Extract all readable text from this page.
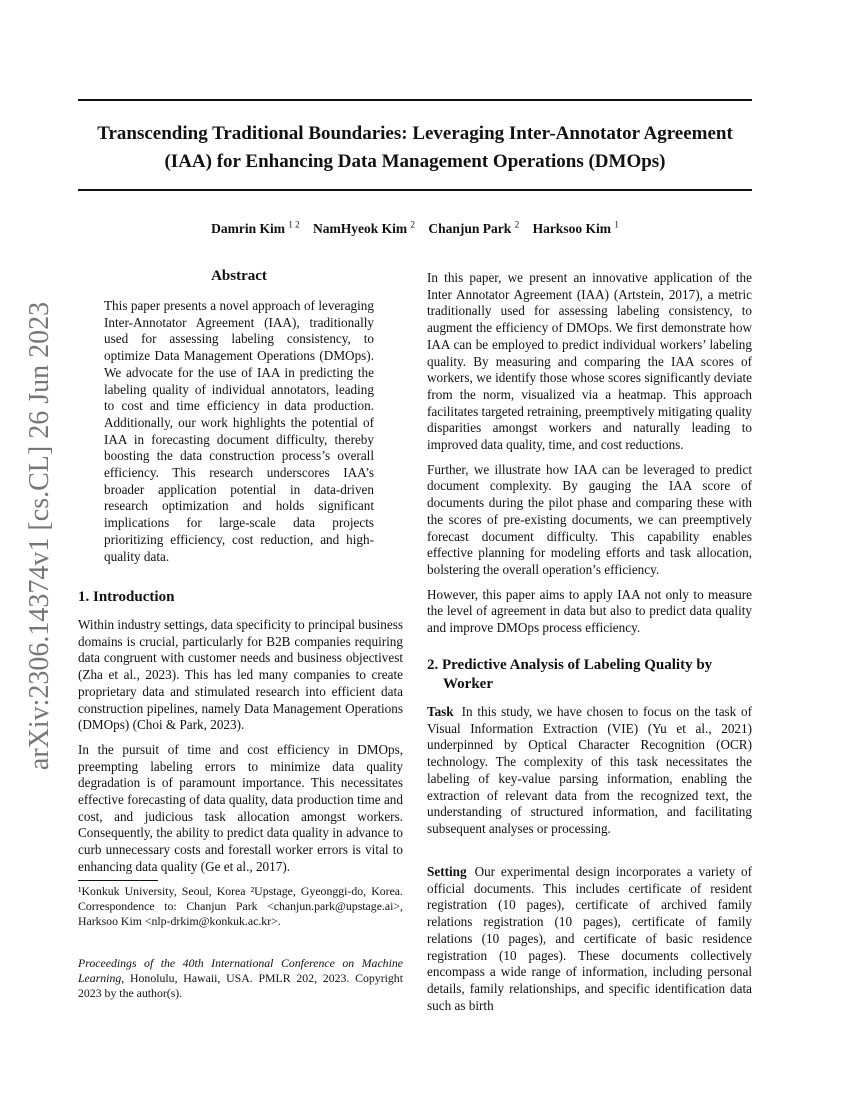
arXiv:2306.14374v1 [cs.CL] 26 Jun 2023
Transcending Traditional Boundaries: Leveraging Inter-Annotator Agreement (IAA) for Enhancing Data Management Operations (DMOps)
Damrin Kim $^{1 2}$ NamHyeok Kim $^2$ Chanjun Park $^2$ Harksoo Kim $^1$
Abstract

This paper presents a novel approach of leveraging Inter-Annotator Agreement (IAA), traditionally used for assessing labeling consistency, to optimize Data Management Operations (DMOps). We advocate for the use of IAA in predicting the labeling quality of individual annotators, leading to cost and time efficiency in data production. Additionally, our work highlights the potential of IAA in forecasting document difficulty, thereby boosting the data construction process’s overall efficiency. This research underscores IAA’s broader application potential in data-driven research optimization and holds significant implications for large-scale data projects prioritizing efficiency, cost reduction, and high-quality data.

1. Introduction

Within industry settings, data specificity to principal business domains is crucial, particularly for B2B companies requiring data congruent with customer needs and business objectivest (Zha et al., 2023). This has led many companies to create proprietary data and stimulated research into efficient data construction pipelines, namely Data Management Operations (DMOps) (Choi & Park, 2023).

In the pursuit of time and cost efficiency in DMOps, preempting labeling errors to minimize data quality degradation is of paramount importance. This necessitates effective forecasting of data quality, data production time and cost, and judicious task allocation amongst workers. Consequently, the ability to predict data quality in advance to curb unnecessary costs and forestall worker errors is vital to enhancing data quality (Ge et al., 2017).

¹Konkuk University, Seoul, Korea ²Upstage, Gyeonggi-do, Korea. Correspondence to: Chanjun Park <chanjun.park@upstage.ai>, Harksoo Kim <nlp-drkim@konkuk.ac.kr>.
Proceedings of the 40th International Conference on Machine Learning, Honolulu, Hawaii, USA. PMLR 202, 2023. Copyright 2023 by the author(s).

In this paper, we present an innovative application of the Inter Annotator Agreement (IAA) (Artstein, 2017), a metric traditionally used for assessing labeling consistency, to augment the efficiency of DMOps. We first demonstrate how IAA can be employed to predict individual workers’ labeling quality. By measuring and comparing the IAA scores of workers, we identify those whose scores significantly deviate from the norm, visualized via a heatmap. This approach facilitates targeted retraining, preemptively mitigating quality disparities amongst workers and naturally leading to improved data quality, time, and cost reductions.

Further, we illustrate how IAA can be leveraged to predict document complexity. By gauging the IAA score of documents during the pilot phase and comparing these with the scores of pre-existing documents, we can preemptively forecast document difficulty. This capability enables effective planning for modeling efforts and task allocation, bolstering the overall operation’s efficiency.

However, this paper aims to apply IAA not only to measure the level of agreement in data but also to predict data quality and improve DMOps process efficiency.

2. Predictive Analysis of Labeling Quality by
Worker

Task In this study, we have chosen to focus on the task of Visual Information Extraction (VIE) (Yu et al., 2021) underpinned by Optical Character Recognition (OCR) technology. The complexity of this task necessitates the labeling of key-value parsing information, enabling the extraction of relevant data from the recognized text, the understanding of structured information, and facilitating subsequent analyses or processing.

Setting Our experimental design incorporates a variety of official documents. This includes certificate of resident registration (10 pages), certificate of archived family relations registration (10 pages), certificate of family relations (10 pages), and certificate of basic residence registration (10 pages). These documents collectively encompass a wide range of information, including personal details, family relationships, and specific identification data such as birth
